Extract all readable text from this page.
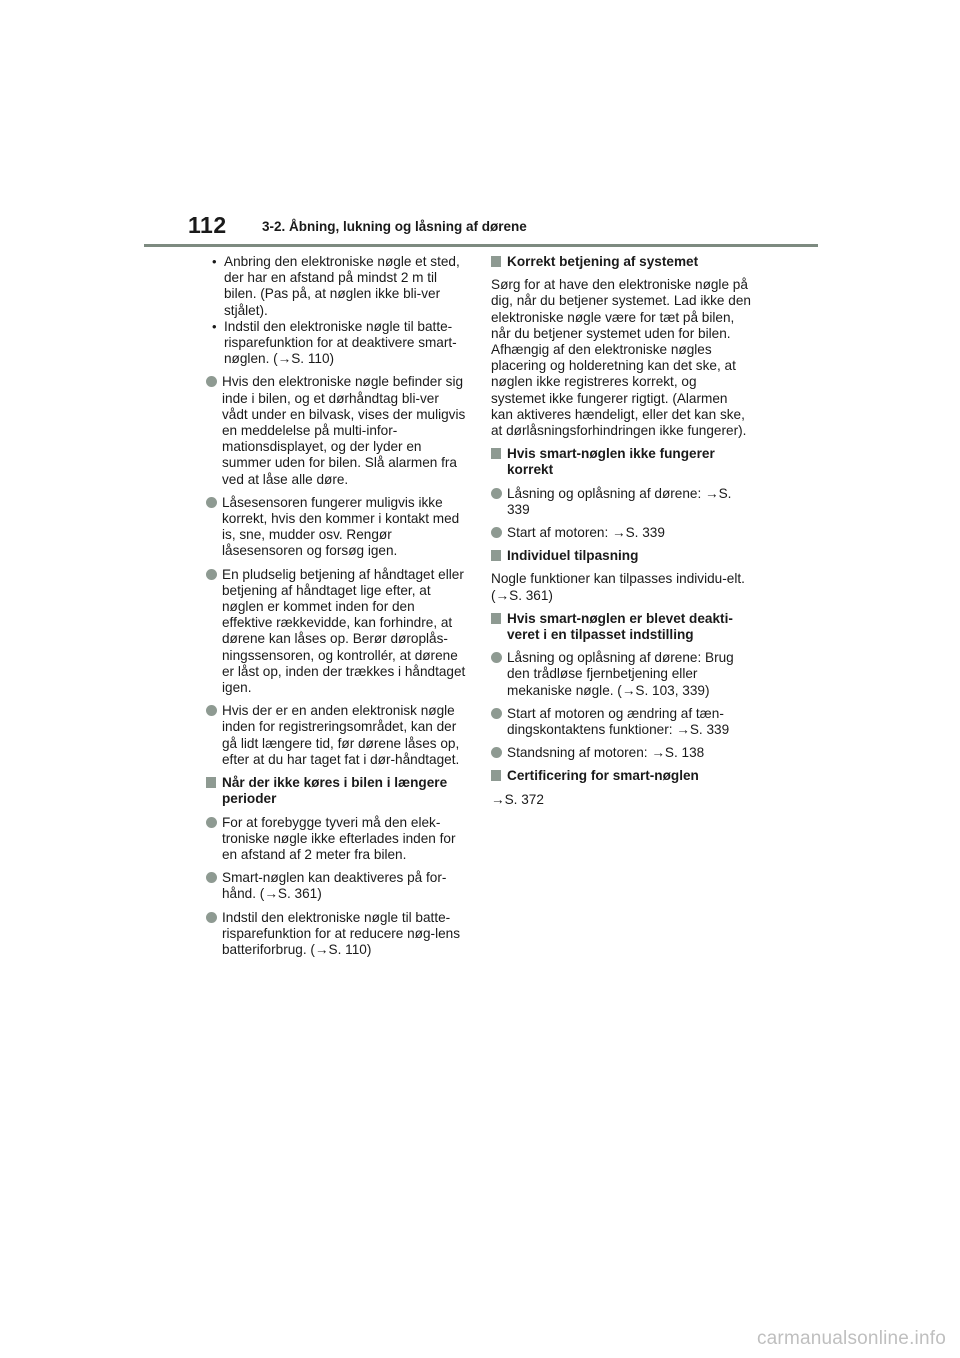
112	3-2. Åbning, lukning og låsning af dørene
• Anbring den elektroniske nøgle et sted, der har en afstand på mindst 2 m til bilen. (Pas på, at nøglen ikke bli-ver stjålet).
• Indstil den elektroniske nøgle til batte-risparefunktion for at deaktivere smart-nøglen. (→S. 110)
Hvis den elektroniske nøgle befinder sig inde i bilen, og et dørhåndtag bli-ver vådt under en bilvask, vises der muligvis en meddelelse på multi-infor-mationsdisplayet, og der lyder en summer uden for bilen. Slå alarmen fra ved at låse alle døre.
Låsesensoren fungerer muligvis ikke korrekt, hvis den kommer i kontakt med is, sne, mudder osv. Rengør låsesensoren og forsøg igen.
En pludselig betjening af håndtaget eller betjening af håndtaget lige efter, at nøglen er kommet inden for den effektive rækkevidde, kan forhindre, at dørene kan låses op. Berør døroplås-ningssensoren, og kontrollér, at dørene er låst op, inden der trækkes i håndtaget igen.
Hvis der er en anden elektronisk nøgle inden for registreringsområdet, kan der gå lidt længere tid, før dørene låses op, efter at du har taget fat i dør-håndtaget.
Når der ikke køres i bilen i længere perioder
For at forebygge tyveri må den elek-troniske nøgle ikke efterlades inden for en afstand af 2 meter fra bilen.
Smart-nøglen kan deaktiveres på for-hånd. (→S. 361)
Indstil den elektroniske nøgle til batte-risparefunktion for at reducere nøg-lens batteriforbrug. (→S. 110)
Korrekt betjening af systemet
Sørg for at have den elektroniske nøgle på dig, når du betjener systemet. Lad ikke den elektroniske nøgle være for tæt på bilen, når du betjener systemet uden for bilen.
Afhængig af den elektroniske nøgles placering og holderetning kan det ske, at nøglen ikke registreres korrekt, og systemet ikke fungerer rigtigt. (Alarmen kan aktiveres hændeligt, eller det kan ske, at dørlåsningsforhindringen ikke fungerer).
Hvis smart-nøglen ikke fungerer korrekt
Låsning og oplåsning af dørene: →S. 339
Start af motoren: →S. 339
Individuel tilpasning
Nogle funktioner kan tilpasses individu-elt. (→S. 361)
Hvis smart-nøglen er blevet deakti-veret i en tilpasset indstilling
Låsning og oplåsning af dørene: Brug den trådløse fjernbetjening eller mekaniske nøgle. (→S. 103, 339)
Start af motoren og ændring af tæn-dingskontaktens funktioner: →S. 339
Standsning af motoren: →S. 138
Certificering for smart-nøglen
→S. 372
carmanualsonline.info
